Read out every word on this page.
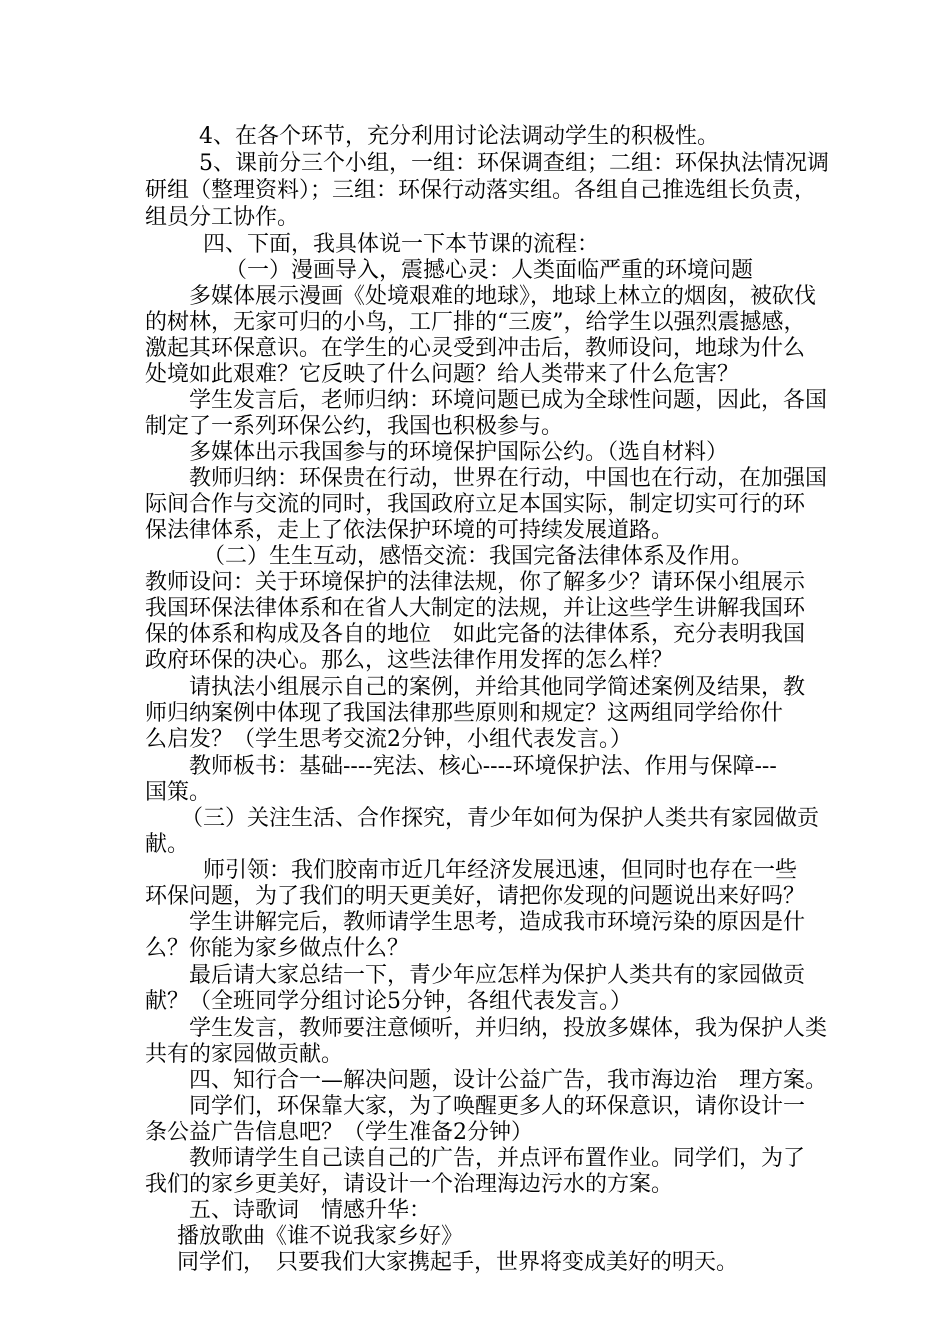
4、在各个环节，充分利用讨论法调动学生的积极性。
5、课前分三个小组，一组：环保调查组；二组：环保执法情况调
研组（整理资料）；三组：环保行动落实组。各组自己推选组长负责，
组员分工协作。
四、下面，我具体说一下本节课的流程：
（一）漫画导入，震撼心灵：人类面临严重的环境问题
多媒体展示漫画《处境艰难的地球》，地球上林立的烟囱，被砍伐
的树林，无家可归的小鸟，工厂排的“三废”，给学生以强烈震撼感，
激起其环保意识。在学生的心灵受到冲击后，教师设问，地球为什么
处境如此艰难？它反映了什么问题？给人类带来了什么危害？
学生发言后，老师归纳：环境问题已成为全球性问题，因此，各国
制定了一系列环保公约，我国也积极参与。
多媒体出示我国参与的环境保护国际公约。（选自材料）
教师归纳：环保贵在行动，世界在行动，中国也在行动，在加强国
际间合作与交流的同时，我国政府立足本国实际，制定切实可行的环
保法律体系，走上了依法保护环境的可持续发展道路。
（二）生生互动，感悟交流：我国完备法律体系及作用。
教师设问：关于环境保护的法律法规，你了解多少？请环保小组展示
我国环保法律体系和在省人大制定的法规，并让这些学生讲解我国环
保的体系和构成及各自的地位　如此完备的法律体系，充分表明我国
政府环保的决心。那么，这些法律作用发挥的怎么样？
请执法小组展示自己的案例，并给其他同学简述案例及结果，教
师归纳案例中体现了我国法律那些原则和规定？这两组同学给你什
么启发？（学生思考交流2分钟，小组代表发言。）
教师板书：基础----宪法、核心----环境保护法、作用与保障---
国策。
（三）关注生活、合作探究，青少年如何为保护人类共有家园做贡
献。
师引领：我们胶南市近几年经济发展迅速，但同时也存在一些
环保问题，为了我们的明天更美好，请把你发现的问题说出来好吗？
学生讲解完后，教师请学生思考，造成我市环境污染的原因是什
么？你能为家乡做点什么？
最后请大家总结一下，青少年应怎样为保护人类共有的家园做贡
献？（全班同学分组讨论5分钟，各组代表发言。）
学生发言，教师要注意倾听，并归纳，投放多媒体，我为保护人类
共有的家园做贡献。
四、知行合一—解决问题，设计公益广告，我市海边治　理方案。
同学们，环保靠大家，为了唤醒更多人的环保意识，请你设计一
条公益广告信息吧？（学生准备2分钟）
教师请学生自己读自己的广告，并点评布置作业。同学们，为了
我们的家乡更美好，请设计一个治理海边污水的方案。
五、诗歌词　情感升华：
播放歌曲《谁不说我家乡好》
同学们，　只要我们大家携起手，世界将变成美好的明天。
